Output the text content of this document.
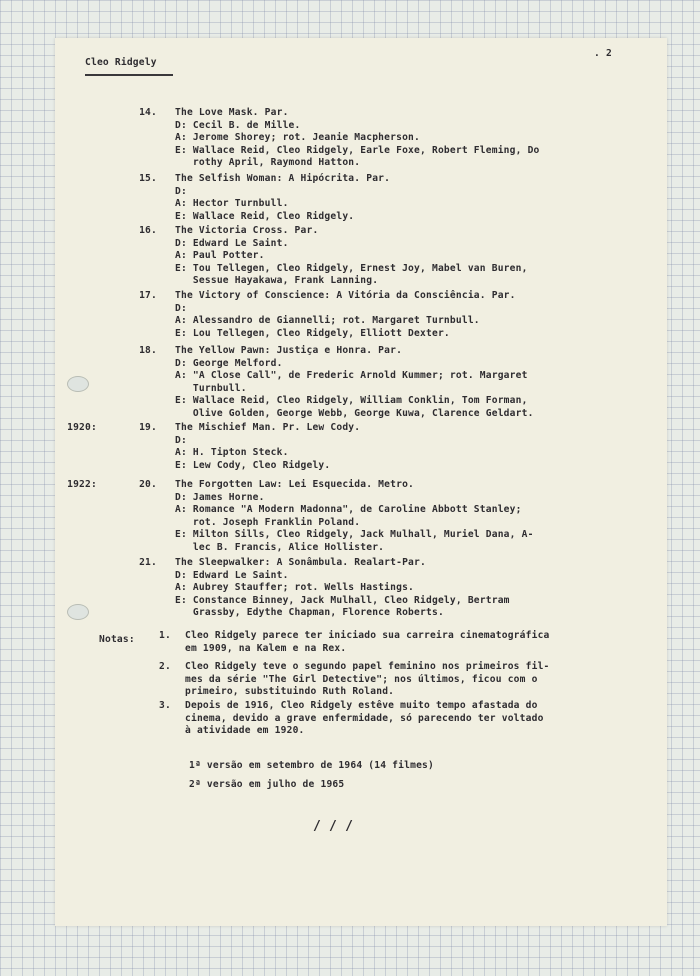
Cleo Ridgely
. 2
14. The Love Mask. Par.
D: Cecil B. de Mille.
A: Jerome Shorey; rot. Jeanie Macpherson.
E: Wallace Reid, Cleo Ridgely, Earle Foxe, Robert Fleming, Do
rothy April, Raymond Hatton.
15. The Selfish Woman: A Hipócrita. Par.
D:
A: Hector Turnbull.
E: Wallace Reid, Cleo Ridgely.
16. The Victoria Cross. Par.
D: Edward Le Saint.
A: Paul Potter.
E: Tou Tellegen, Cleo Ridgely, Ernest Joy, Mabel van Buren,
Sessue Hayakawa, Frank Lanning.
17. The Victory of Conscience: A Vitória da Consciência. Par.
D:
A: Alessandro de Giannelli; rot. Margaret Turnbull.
E: Lou Tellegen, Cleo Ridgely, Elliott Dexter.
18. The Yellow Pawn: Justiça e Honra. Par.
D: George Melford.
A: "A Close Call", de Frederic Arnold Kummer; rot. Margaret
Turnbull.
E: Wallace Reid, Cleo Ridgely, William Conklin, Tom Forman,
Olive Golden, George Webb, George Kuwa, Clarence Geldart.
1920:	19. The Mischief Man. Pr. Lew Cody.
D:
A: H. Tipton Steck.
E: Lew Cody, Cleo Ridgely.
1922:	20. The Forgotten Law: Lei Esquecida. Metro.
D: James Horne.
A: Romance "A Modern Madonna", de Caroline Abbott Stanley;
rot. Joseph Franklin Poland.
E: Milton Sills, Cleo Ridgely, Jack Mulhall, Muriel Dana, A-
lec B. Francis, Alice Hollister.
21. The Sleepwalker: A Sonâmbula. Realart-Par.
D: Edward Le Saint.
A: Aubrey Stauffer; rot. Wells Hastings.
E: Constance Binney, Jack Mulhall, Cleo Ridgely, Bertram
Grassby, Edythe Chapman, Florence Roberts.
Notas:	1. Cleo Ridgely parece ter iniciado sua carreira cinematográfica
em 1909, na Kalem e na Rex.
2. Cleo Ridgely teve o segundo papel feminino nos primeiros fil-
mes da série "The Girl Detective"; nos últimos, ficou com o
primeiro, substituindo Ruth Roland.
3. Depois de 1916, Cleo Ridgely estêve muito tempo afastada do
cinema, devido a grave enfermidade, só parecendo ter voltado
à atividade em 1920.
1ª versão em setembro de 1964 (14 filmes)
2ª versão em julho de 1965
/ / /
